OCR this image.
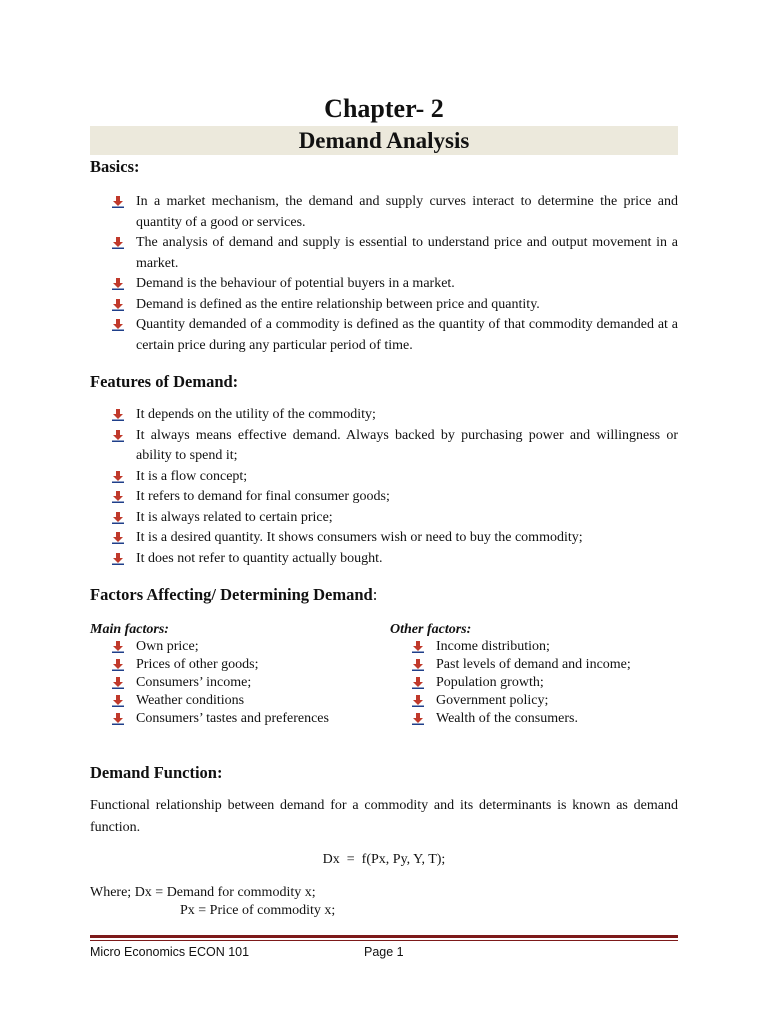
Chapter- 2
Demand Analysis
Basics:
In a market mechanism, the demand and supply curves interact to determine the price and quantity of a good or services.
The analysis of demand and supply is essential to understand price and output movement in a market.
Demand is the behaviour of potential buyers in a market.
Demand is defined as the entire relationship between price and quantity.
Quantity demanded of a commodity is defined as the quantity of that commodity demanded at a certain price during any particular period of time.
Features of Demand:
It depends on the utility of the commodity;
It always means effective demand. Always backed by purchasing power and willingness or ability to spend it;
It is a flow concept;
It refers to demand for final consumer goods;
It is always related to certain price;
It is a desired quantity. It shows consumers wish or need to buy the commodity;
It does not refer to quantity actually bought.
Factors Affecting/ Determining Demand:
Main factors:
Own price;
Prices of other goods;
Consumers’ income;
Weather conditions
Consumers’ tastes and preferences
Other factors:
Income distribution;
Past levels of demand and income;
Population growth;
Government policy;
Wealth of the consumers.
Demand Function:
Functional relationship between demand for a commodity and its determinants is known as demand function.
Dx  =  f(Px, Py, Y, T);
Where; Dx = Demand for commodity x;
Px = Price of commodity x;
Micro Economics ECON 101	Page 1
